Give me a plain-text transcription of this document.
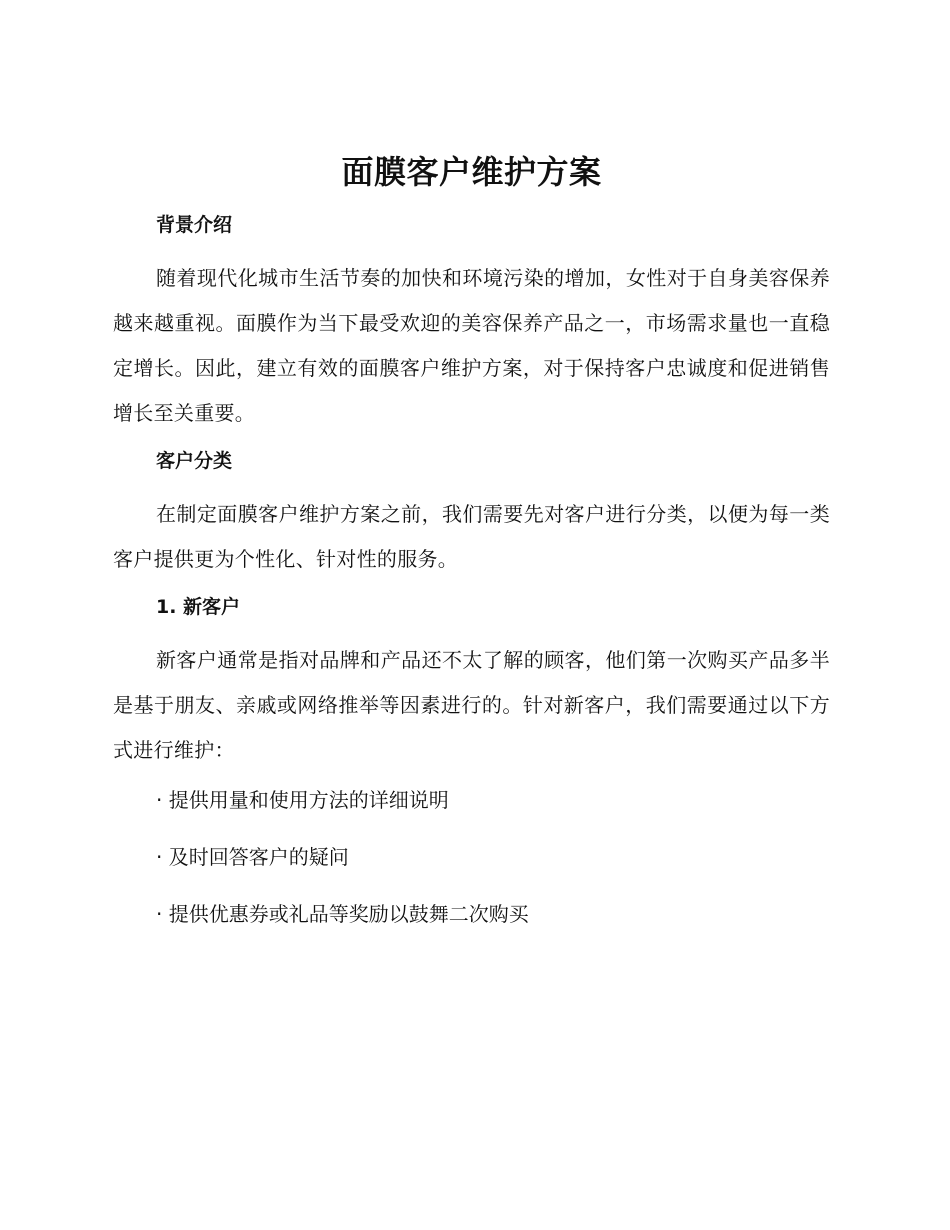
面膜客户维护方案
背景介绍

随着现代化城市生活节奏的加快和环境污染的增加，女性对于自身美容保养越来越重视。面膜作为当下最受欢迎的美容保养产品之一，市场需求量也一直稳定增长。因此，建立有效的面膜客户维护方案，对于保持客户忠诚度和促进销售增长至关重要。

客户分类

在制定面膜客户维护方案之前，我们需要先对客户进行分类，以便为每一类客户提供更为个性化、针对性的服务。

1. 新客户

新客户通常是指对品牌和产品还不太了解的顾客，他们第一次购买产品多半是基于朋友、亲戚或网络推举等因素进行的。针对新客户，我们需要通过以下方式进行维护：

· 提供用量和使用方法的详细说明
· 及时回答客户的疑问
· 提供优惠券或礼品等奖励以鼓舞二次购买
